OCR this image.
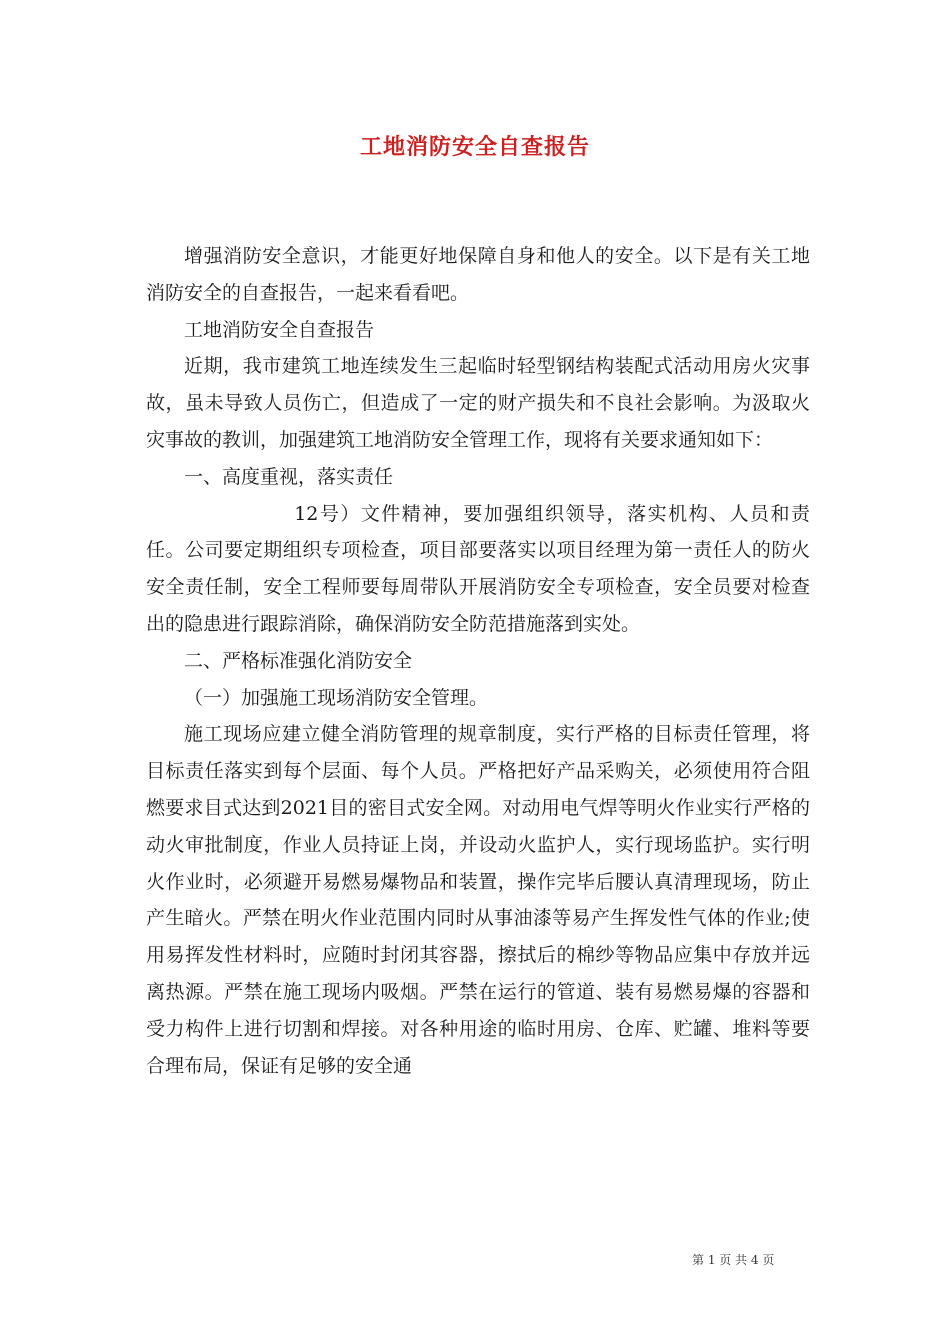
工地消防安全自查报告

增强消防安全意识，才能更好地保障自身和他人的安全。以下是有关工地消防安全的自查报告，一起来看看吧。

工地消防安全自查报告

近期，我市建筑工地连续发生三起临时轻型钢结构装配式活动用房火灾事故，虽未导致人员伤亡，但造成了一定的财产损失和不良社会影响。为汲取火灾事故的教训，加强建筑工地消防安全管理工作，现将有关要求通知如下：

一、高度重视，落实责任

12号）文件精神，要加强组织领导，落实机构、人员和责任。公司要定期组织专项检查，项目部要落实以项目经理为第一责任人的防火安全责任制，安全工程师要每周带队开展消防安全专项检查，安全员要对检查出的隐患进行跟踪消除，确保消防安全防范措施落到实处。

二、严格标准强化消防安全

（一）加强施工现场消防安全管理。

施工现场应建立健全消防管理的规章制度，实行严格的目标责任管理，将目标责任落实到每个层面、每个人员。严格把好产品采购关，必须使用符合阻燃要求目式达到2021目的密目式安全网。对动用电气焊等明火作业实行严格的动火审批制度，作业人员持证上岗，并设动火监护人，实行现场监护。实行明火作业时，必须避开易燃易爆物品和装置，操作完毕后腰认真清理现场，防止产生暗火。严禁在明火作业范围内同时从事油漆等易产生挥发性气体的作业;使用易挥发性材料时，应随时封闭其容器，擦拭后的棉纱等物品应集中存放并远离热源。严禁在施工现场内吸烟。严禁在运行的管道、装有易燃易爆的容器和受力构件上进行切割和焊接。对各种用途的临时用房、仓库、贮罐、堆料等要合理布局，保证有足够的安全通

第 1 页 共 4 页
